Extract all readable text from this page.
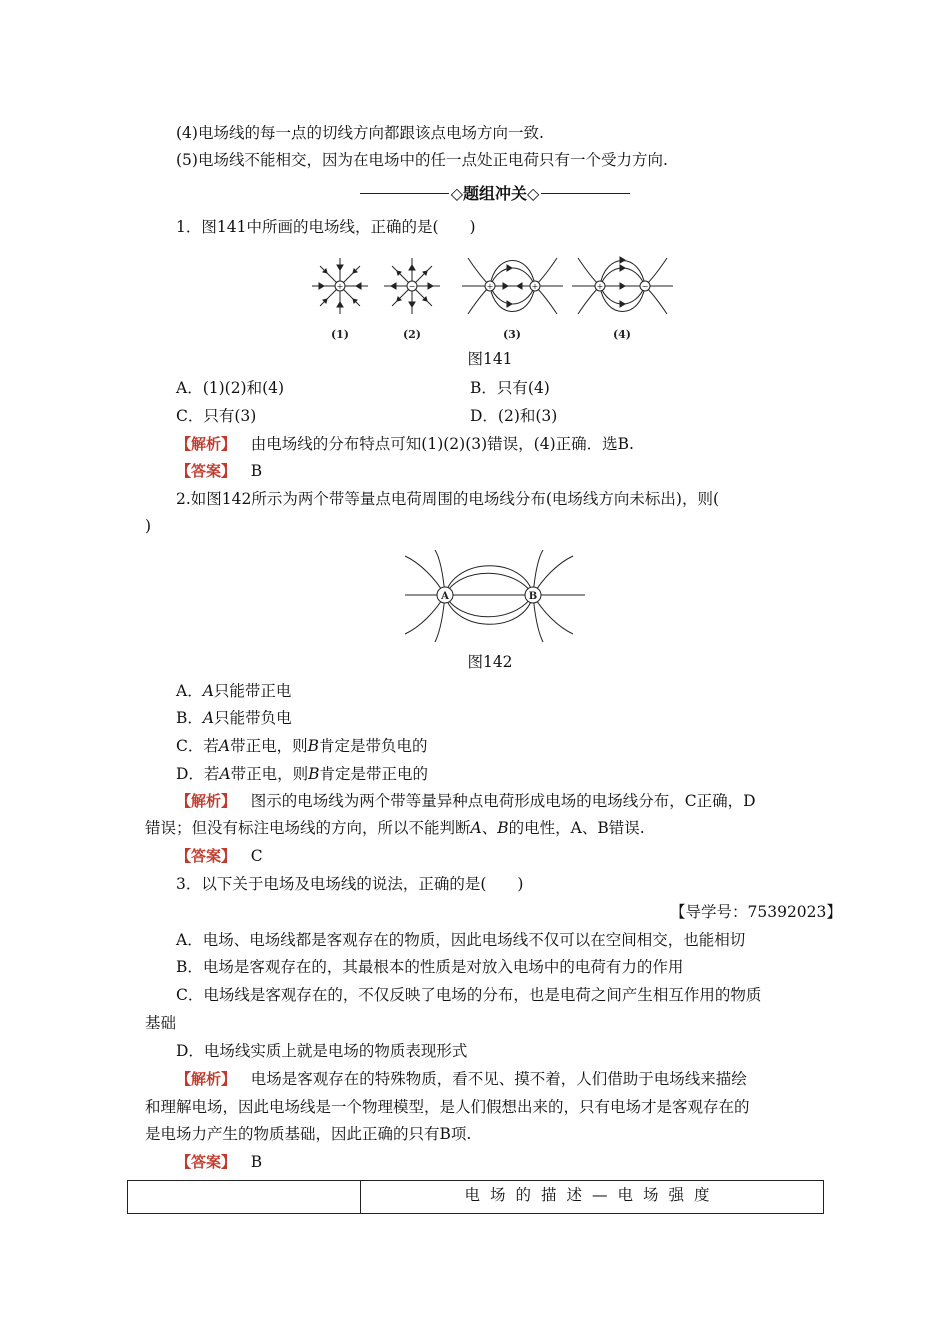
(4)电场线的每一点的切线方向都跟该点电场方向一致.
(5)电场线不能相交，因为在电场中的任一点处正电荷只有一个受力方向.
◇题组冲关◇
1．图141中所画的电场线，正确的是(　　)
+	−	+	+	+	−
(1)	(2)	(3)	(4)
图141
A．(1)(2)和(4)	B．只有(4)
C．只有(3)	D．(2)和(3)
【解析】 由电场线的分布特点可知(1)(2)(3)错误，(4)正确．选B.
【答案】 B
2.如图142所示为两个带等量点电荷周围的电场线分布(电场线方向未标出)，则(
)
A	B
图142
A．A只能带正电
B．A只能带负电
C．若A带正电，则B肯定是带负电的
D．若A带正电，则B肯定是带正电的
【解析】 图示的电场线为两个带等量异种点电荷形成电场的电场线分布，C正确，D
错误；但没有标注电场线的方向，所以不能判断A、B的电性，A、B错误.
【答案】 C
3．以下关于电场及电场线的说法，正确的是(　　)
【导学号：75392023】
A．电场、电场线都是客观存在的物质，因此电场线不仅可以在空间相交，也能相切
B．电场是客观存在的，其最根本的性质是对放入电场中的电荷有力的作用
C．电场线是客观存在的，不仅反映了电场的分布，也是电荷之间产生相互作用的物质
基础
D．电场线实质上就是电场的物质表现形式
【解析】 电场是客观存在的特殊物质，看不见、摸不着，人们借助于电场线来描绘
和理解电场，因此电场线是一个物理模型，是人们假想出来的，只有电场才是客观存在的
是电场力产生的物质基础，因此正确的只有B项.
【答案】 B
	电场的描述—电场强度
